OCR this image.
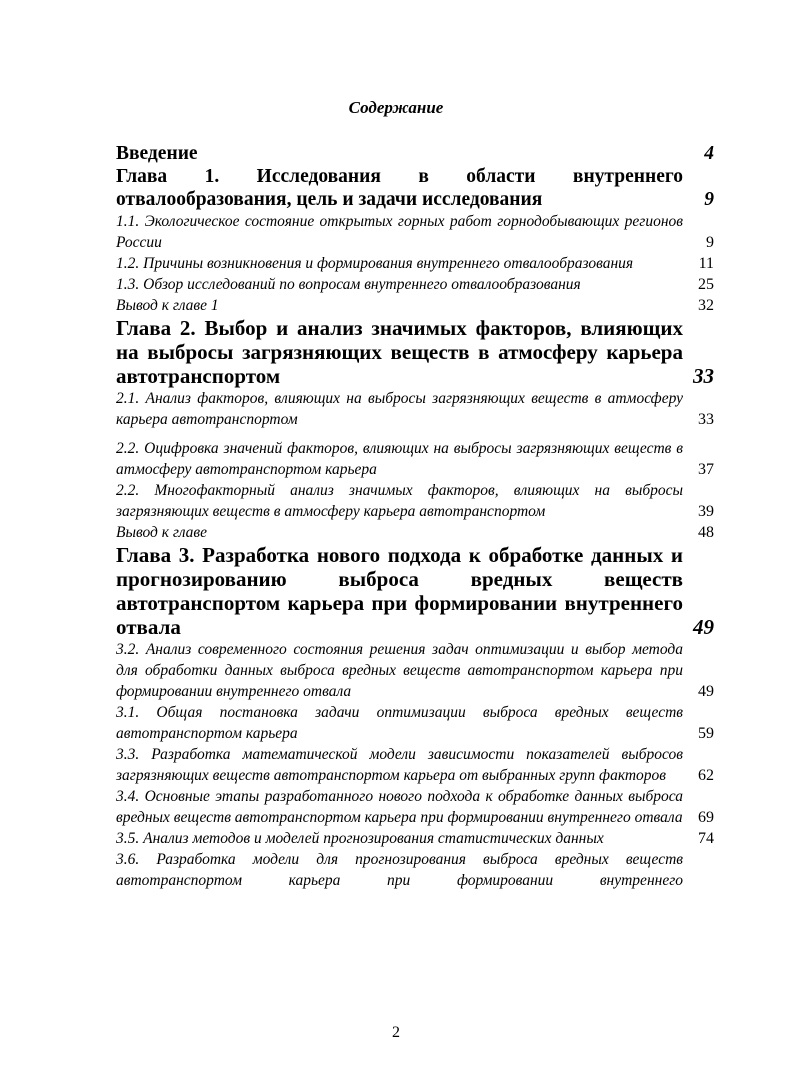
Содержание
Введение	4
Глава 1. Исследования в области внутреннего отвалообразования, цель и задачи исследования	9
1.1. Экологическое состояние открытых горных работ горнодобывающих регионов России	9
1.2. Причины возникновения и формирования внутреннего отвалообразования	11
1.3. Обзор исследований по вопросам внутреннего отвалообразования	25
Вывод к главе 1	32
Глава 2. Выбор и анализ значимых факторов, влияющих на выбросы загрязняющих веществ в атмосферу карьера автотранспортом	33
2.1. Анализ факторов, влияющих на выбросы загрязняющих веществ в атмосферу карьера автотранспортом	33
2.2. Оцифровка значений факторов, влияющих на выбросы загрязняющих веществ в атмосферу автотранспортом карьера	37
2.2. Многофакторный анализ значимых факторов, влияющих на выбросы загрязняющих веществ в атмосферу карьера автотранспортом	39
Вывод к главе	48
Глава 3. Разработка нового подхода к обработке данных и прогнозированию выброса вредных веществ автотранспортом карьера при формировании внутреннего отвала	49
3.2. Анализ современного состояния решения задач оптимизации и выбор метода для обработки данных выброса вредных веществ автотранспортом карьера при формировании внутреннего отвала	49
3.1. Общая постановка задачи оптимизации выброса вредных веществ автотранспортом карьера	59
3.3. Разработка математической модели зависимости показателей выбросов загрязняющих веществ автотранспортом карьера от выбранных групп факторов	62
3.4. Основные этапы разработанного нового подхода к обработке данных выброса вредных веществ автотранспортом карьера при формировании внутреннего отвала 69
3.5. Анализ методов и моделей прогнозирования статистических данных	74
3.6. Разработка модели для прогнозирования выброса вредных веществ автотранспортом карьера при формировании внутреннего
2
